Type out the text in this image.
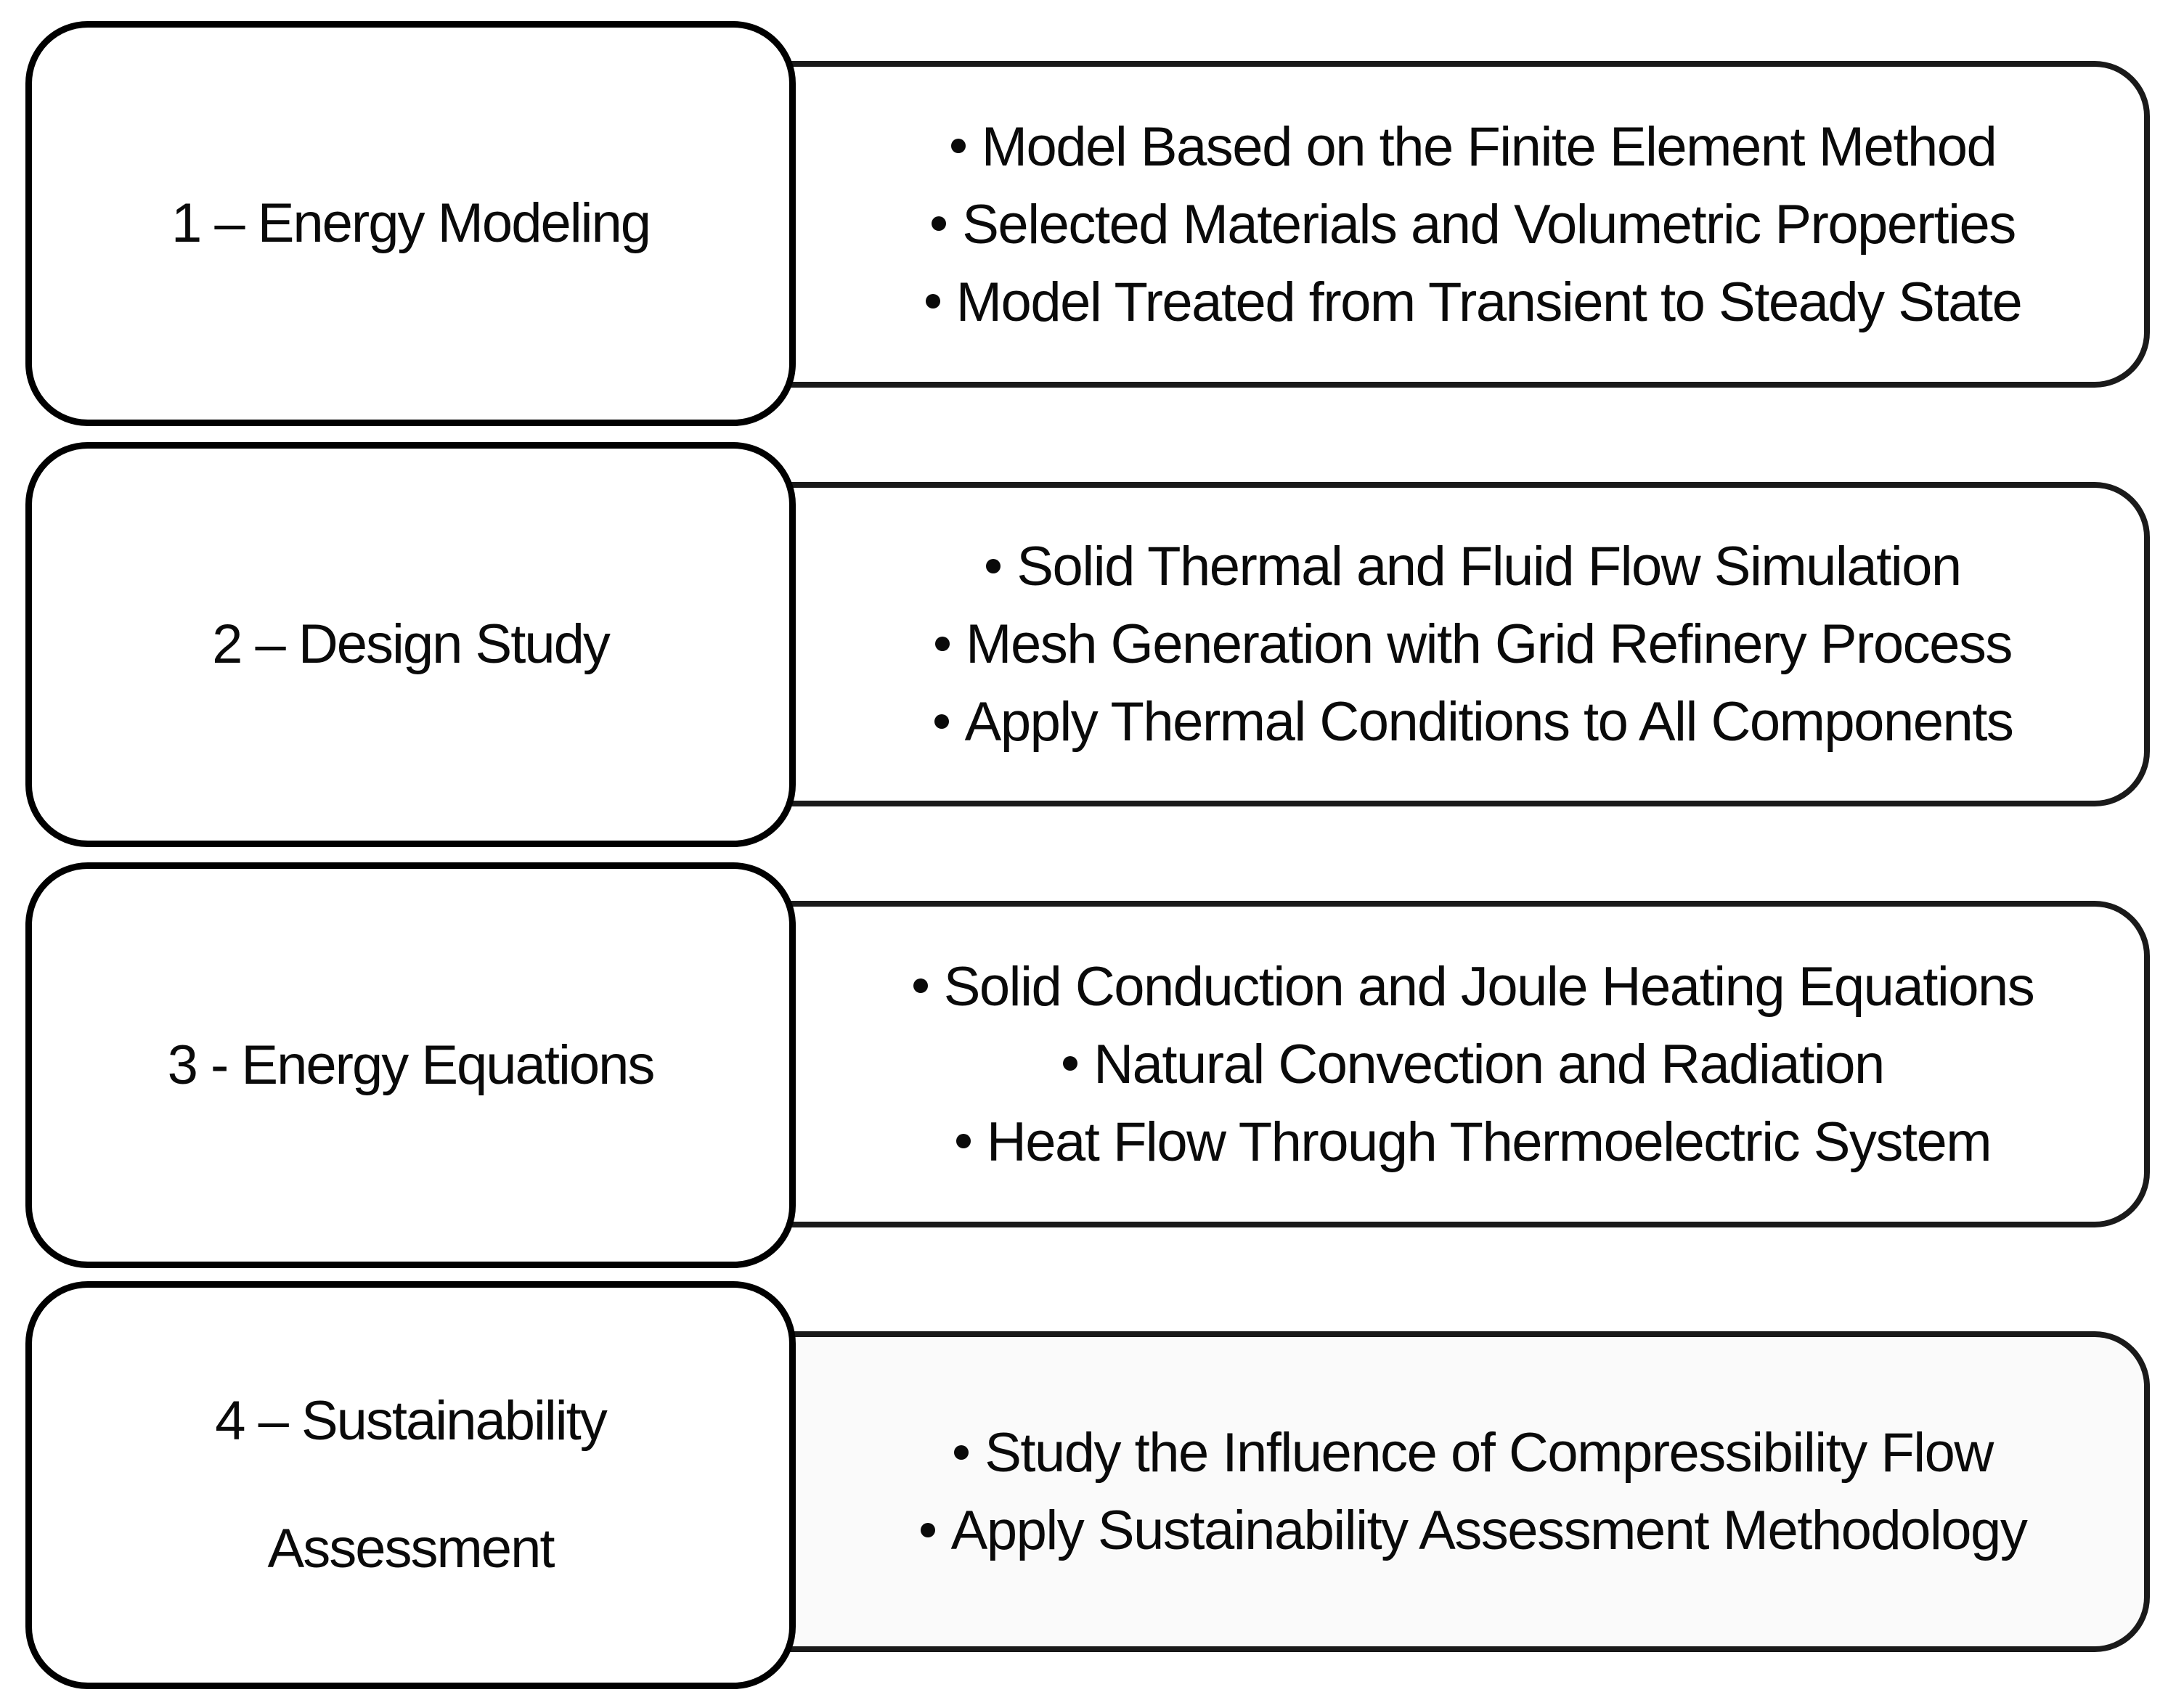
1 – Energy Modeling
Model Based on the Finite Element Method
Selected Materials and Volumetric Properties
Model Treated from Transient to Steady State
2 – Design Study
Solid Thermal and Fluid Flow Simulation
Mesh Generation with Grid Refinery Process
Apply Thermal Conditions to All Components
3 - Energy Equations
Solid Conduction and Joule Heating Equations
Natural Convection and Radiation
Heat Flow Through Thermoelectric System

4 – Sustainability

Assessment

Study the Influence of Compressibility Flow
Apply Sustainability Assessment Methodology
